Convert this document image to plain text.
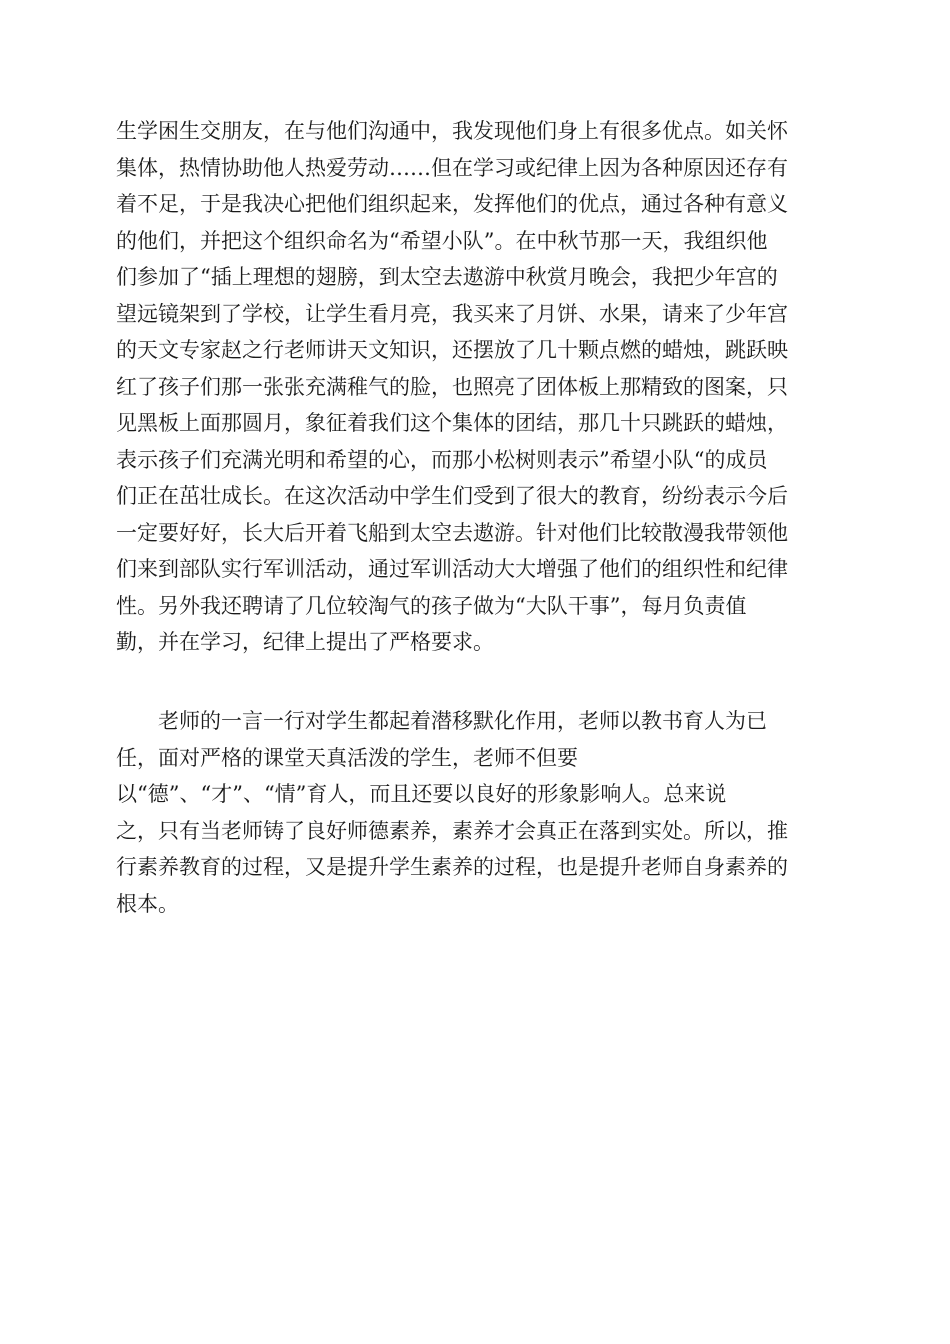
生学困生交朋友，在与他们沟通中，我发现他们身上有很多优点。如关怀
集体，热情协助他人热爱劳动……但在学习或纪律上因为各种原因还存有
着不足，于是我决心把他们组织起来，发挥他们的优点，通过各种有意义
的他们，并把这个组织命名为“希望小队”。在中秋节那一天，我组织他
们参加了“插上理想的翅膀，到太空去遨游中秋赏月晚会，我把少年宫的
望远镜架到了学校，让学生看月亮，我买来了月饼、水果，请来了少年宫
的天文专家赵之行老师讲天文知识，还摆放了几十颗点燃的蜡烛，跳跃映
红了孩子们那一张张充满稚气的脸，也照亮了团体板上那精致的图案，只
见黑板上面那圆月，象征着我们这个集体的团结，那几十只跳跃的蜡烛，
表示孩子们充满光明和希望的心，而那小松树则表示”希望小队“的成员
们正在茁壮成长。在这次活动中学生们受到了很大的教育，纷纷表示今后
一定要好好，长大后开着飞船到太空去遨游。针对他们比较散漫我带领他
们来到部队实行军训活动，通过军训活动大大增强了他们的组织性和纪律
性。另外我还聘请了几位较淘气的孩子做为“大队干事”，每月负责值
勤，并在学习，纪律上提出了严格要求。

　　老师的一言一行对学生都起着潜移默化作用，老师以教书育人为已
任，面对严格的课堂天真活泼的学生，老师不但要
以“德”、“才”、“情”育人，而且还要以良好的形象影响人。总来说
之，只有当老师铸了良好师德素养，素养才会真正在落到实处。所以，推
行素养教育的过程，又是提升学生素养的过程，也是提升老师自身素养的
根本。
